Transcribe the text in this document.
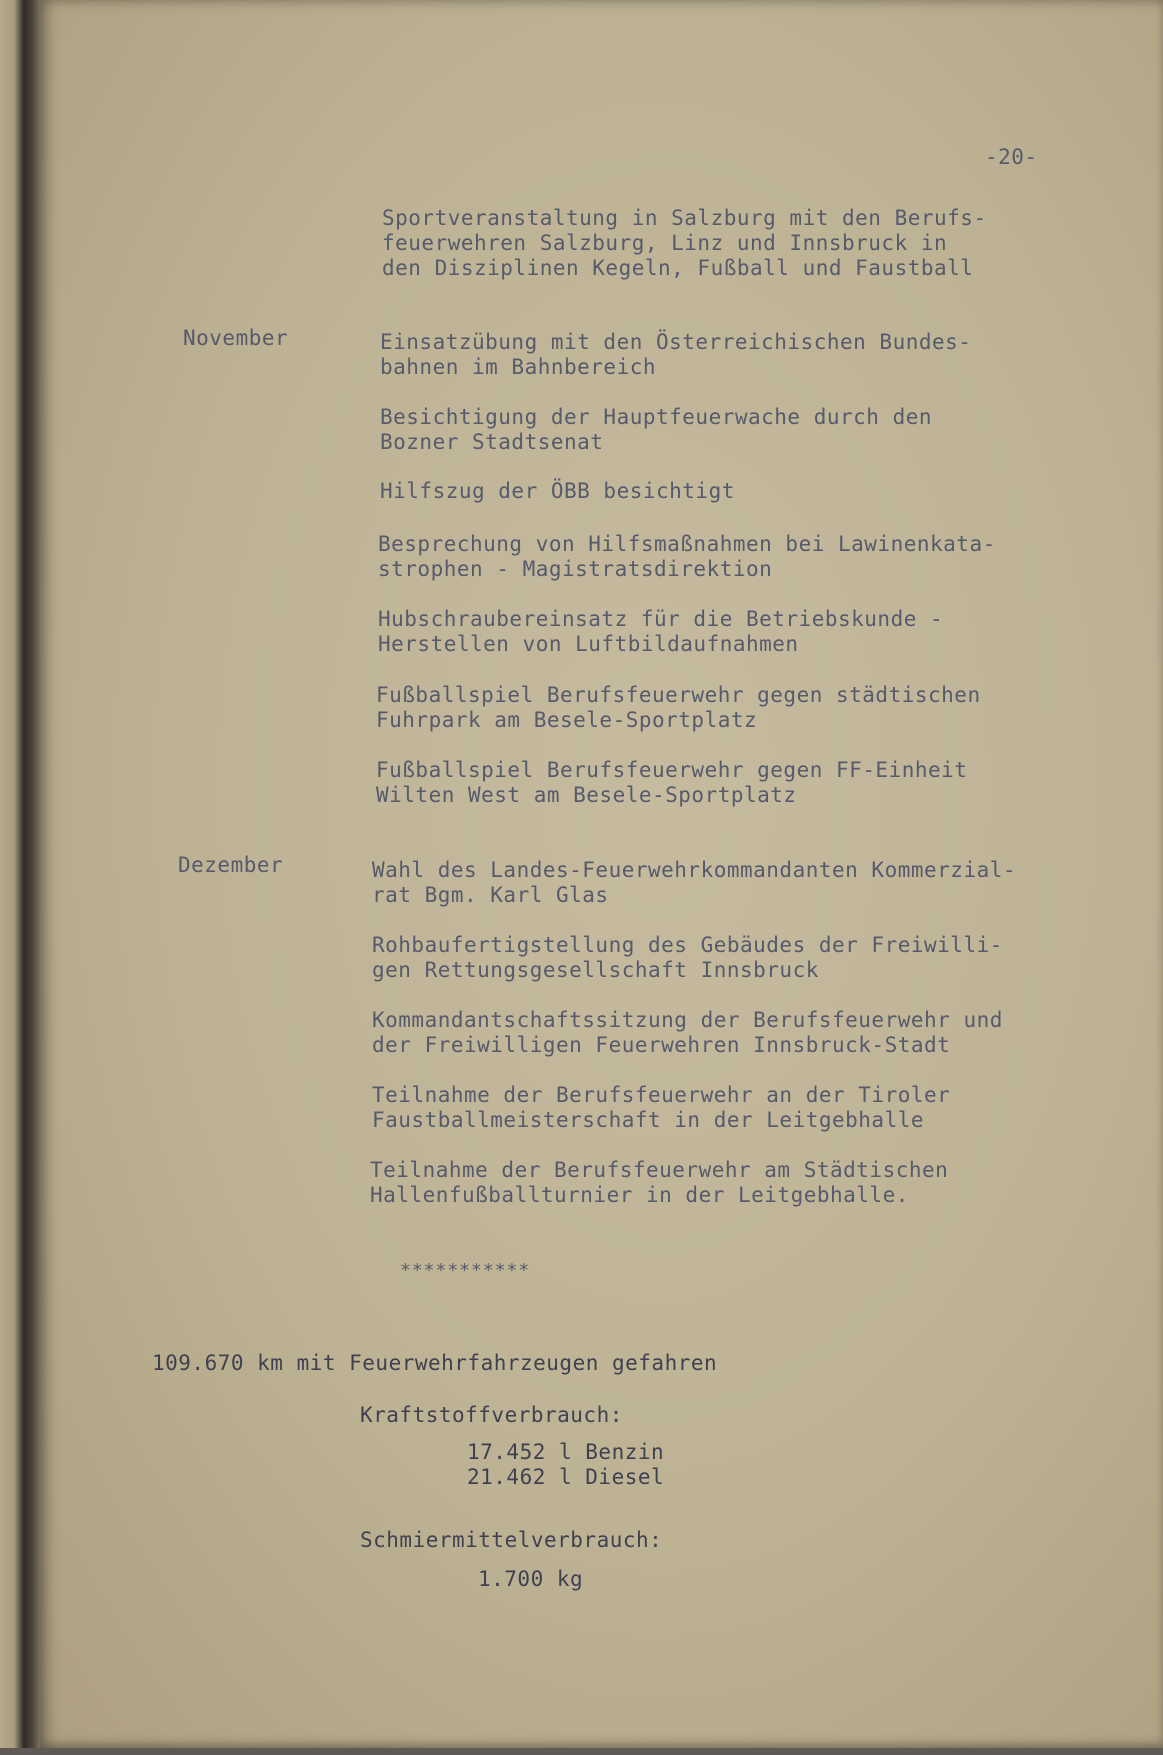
-20-
Sportveranstaltung in Salzburg mit den Berufs-
feuerwehren Salzburg, Linz und Innsbruck in
den Disziplinen Kegeln, Fußball und Faustball
November	Einsatzübung mit den Österreichischen Bundes-
bahnen im Bahnbereich
Besichtigung der Hauptfeuerwache durch den
Bozner Stadtsenat
Hilfszug der ÖBB besichtigt
Besprechung von Hilfsmaßnahmen bei Lawinenkata-
strophen - Magistratsdirektion
Hubschraubereinsatz für die Betriebskunde -
Herstellen von Luftbildaufnahmen
Fußballspiel Berufsfeuerwehr gegen städtischen
Fuhrpark am Besele-Sportplatz
Fußballspiel Berufsfeuerwehr gegen FF-Einheit
Wilten West am Besele-Sportplatz
Dezember	Wahl des Landes-Feuerwehrkommandanten Kommerzial-
rat Bgm. Karl Glas
Rohbaufertigstellung des Gebäudes der Freiwilli-
gen Rettungsgesellschaft Innsbruck
Kommandantschaftssitzung der Berufsfeuerwehr und
der Freiwilligen Feuerwehren Innsbruck-Stadt
Teilnahme der Berufsfeuerwehr an der Tiroler
Faustballmeisterschaft in der Leitgebhalle
Teilnahme der Berufsfeuerwehr am Städtischen
Hallenfußballturnier in der Leitgebhalle.
***********
109.670 km mit Feuerwehrfahrzeugen gefahren
Kraftstoffverbrauch:
17.452 l Benzin
21.462 l Diesel
Schmiermittelverbrauch:
1.700 kg
